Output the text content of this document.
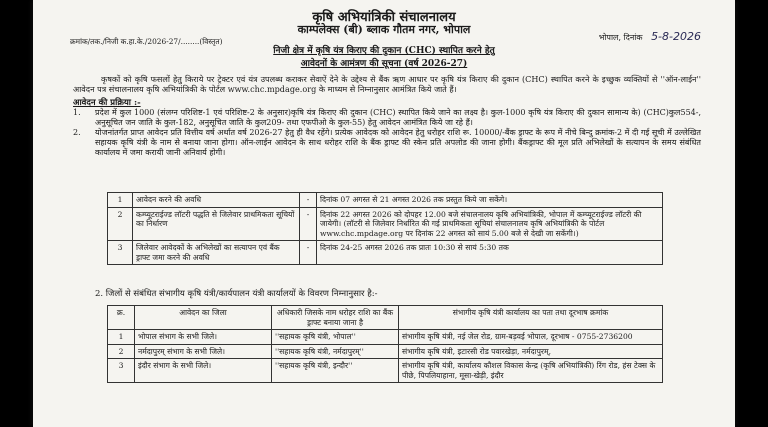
कृषि अभियांत्रिकी संचालनालय
काम्पलेक्स (बी) ब्लाक गौतम नगर, भोपाल
क्रमांक/तक./निजी क.हा.के./2026-27/........(विस्तृत)	भोपाल, दिनांक 5-8-2026
निजी क्षेत्र में कृषि यंत्र किराए की दुकान (CHC) स्थापित करने हेतु
आवेदनों के आमंत्रण की सूचना (वर्ष 2026-27)
कृषकों को कृषि फसलों हेतु किराये पर ट्रेक्टर एवं यंत्र उपलब्ध कराकर सेवाऐं देने के उद्देश्य से बैंक ऋण आधार पर कृषि यंत्र किराए की दुकान (CHC) स्थापित करने के इच्छुक व्यक्तियों से ''ऑन-लाईन'' आवेदन पत्र संचालनालय कृषि अभियांत्रिकी के पोर्टल www.chc.mpdage.org के माध्यम से निम्नानुसार आमंत्रित किये जाते हैं।
आवेदन की प्रक्रिया :-
1.	प्रदेश में कुल 1000 (संलग्न परिशिष्ट-1 एवं परिशिष्ट-2 के अनुसार)कृषि यंत्र किराए की दुकान (CHC) स्थापित किये जाने का लक्ष्य है। कुल-1000 कृषि यंत्र किराए की दुकान सामान्य के) (CHC)कुल554-, अनुसूचित जन जाति के कुल-182, अनुसूचित जाति के कुल209- तथा एफपीओ के कुल-55) हेतु आवेदन आमंत्रित किये जा रहे हैं।
2.	योजनांतर्गत प्राप्त आवेदन प्रति वित्तीय वर्ष अर्थात वर्ष 2026-27 हेतु ही वैध रहेंगे। प्रत्येक आवेदक को आवेदन हेतु धरोहर राशि रू. 10000/-बैंक ड्राफ्ट के रूप में नीचे बिन्दु क्रमांक-2 में दी गई सूची में उल्लेखित सहायक कृषि यंत्री के नाम से बनाया जाना होगा। ऑन-लाईन आवेदन के साथ धरोहर राशि के बैंक ड्राफ्ट की स्केन प्रति अपलोड की जाना होगी। बैंकड्राफ्ट की मूल प्रति अभिलेखों के सत्यापन के समय संबंधित कार्यालय में जमा करायी जानी अनिवार्य होगी।
1	आवेदन करने की अवधि	-	दिनांक 07 अगस्त से 21 अगस्त 2026 तक प्रस्तुत किये जा सकेंगे।
2	कम्प्यूटराईज्ड लॉटरी पद्धति से जिलेवार प्राथमिकता सूचियों का निर्धारण	-	दिनांक 22 अगस्त 2026 को दोपहर 12.00 बजे संचालनालय कृषि अभियांत्रिकी, भोपाल में कम्प्यूटराईज्ड लॉटरी की जायेगी। (लॉटरी से जिलेवार निर्धारित की गई प्राथमिकता सूचियां संचालनालय कृषि अभियांत्रिकी के पोर्टल www.chc.mpdage.org पर दिनांक 22 अगस्त को सायं 5.00 बजे से देखी जा सकेंगी।)
3	जिलेवार आवेदकों के अभिलेखों का सत्यापन एवं बैंक ड्राफ्ट जमा करने की अवधि	-	दिनांक 24-25 अगस्त 2026 तक प्रातः 10:30 से सायं 5:30 तक
2. जिलों से संबंधित संभागीय कृषि यंत्री/कार्यपालन यंत्री कार्यालयों के विवरण निम्नानुसार है:-
क्र.	आवेदन का जिला	अधिकारी जिसके नाम धरोहर राशि का बैंक ड्राफ्ट बनाया जाना है	संभागीय कृषि यंत्री कार्यालय का पता तथा दूरभाष क्रमांक
1	भोपाल संभाग के सभी जिले।	''सहायक कृषि यंत्री, भोपाल''	संभागीय कृषि यंत्री, नई जेल रोड, ग्राम-बड़वई भोपाल, दूरभाष - 0755-2736200
2	नर्मदापुरम् संभाग के सभी जिले।	''सहायक कृषि यंत्री, नर्मदापुरम्''	संभागीय कृषि यंत्री, इटारसी रोड पवारखेड़ा, नर्मदापुरम्,
3	इंदौर संभाग के सभी जिले।	''सहायक कृषि यंत्री, इन्दौर''	संभागीय कृषि यंत्री, कार्यालय कौशल विकास केन्द्र (कृषि अभियांत्रिकी) रिंग रोड, हंस टेक्स के पीछे, पिपलियाहाना, मूसा-खेड़ी, इंदौर
